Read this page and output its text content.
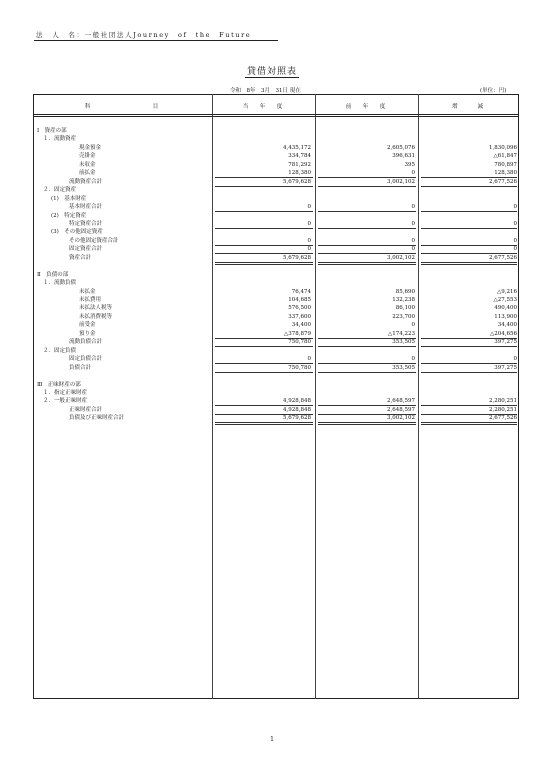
法　人　名：一般社団法人Journey　of　the　Future
貸借対照表
令和　8年　3月　31日 現在	(単位：円)
科　　　　　　　目	当　年　度	前　年　度	増　　減
Ⅰ　資産の部
１．流動資産
現金預金	4,435,172	2,605,076	1,830,096
売掛金	334,784	396,631	△61,847
未収金	781,292	395	780,897
前払金	128,380	0	128,380
流動資産合計	5,679,628	3,002,102	2,677,526
２．固定資産
(1)　基本財産
基本財産合計	0	0	0
(2)　特定資産
特定資産合計	0	0	0
(3)　その他固定資産
その他固定資産合計	0	0	0
固定資産合計	0	0	0
資産合計	5,679,628	3,002,102	2,677,526
Ⅱ　負債の部
１．流動負債
未払金	76,474	85,690	△9,216
未払費用	104,685	132,238	△27,553
未払法人税等	576,500	86,100	490,400
未払消費税等	337,600	223,700	113,900
前受金	34,400	0	34,400
預り金	△378,879	△174,223	△204,656
流動負債合計	750,780	353,505	397,275
２．固定負債
固定負債合計	0	0	0
負債合計	750,780	353,505	397,275
Ⅲ　正味財産の部
１．指定正味財産
２．一般正味財産	4,928,848	2,648,597	2,280,251
正味財産合計	4,928,848	2,648,597	2,280,251
負債及び正味財産合計	5,679,628	3,002,102	2,677,526
1
